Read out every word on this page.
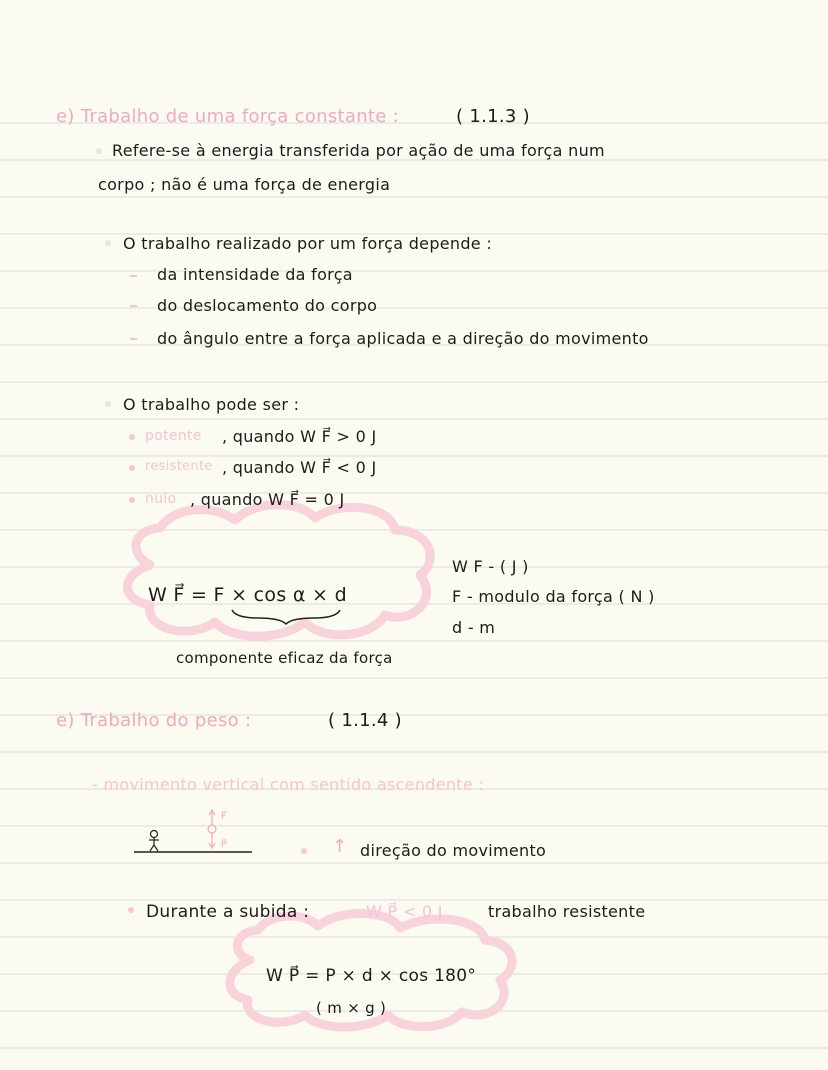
e) Trabalho de uma força constante :	( 1.1.3 )
Refere-se à energia transferida por ação de uma força num
corpo ; não é uma força de energia
O trabalho realizado por um força depende :
da intensidade da força
do deslocamento do corpo
do ângulo entre a força aplicada e a direção do movimento
O trabalho pode ser :
potente , quando W F⃗ > 0 J
resistente , quando W F⃗ < 0 J
nulo , quando W F⃗ = 0 J
W F⃗ = F × cos α × d
componente eficaz da força
W F - ( J )
F - modulo da força ( N )
d - m
e) Trabalho do peso :	( 1.1.4 )
- movimento vertical com sentido ascendente :
F⃗
P⃗	↑ direção do movimento
Durante a subida :	W P⃗ < 0 J	trabalho resistente
W P⃗ = P × d × cos 180°
( m × g )
